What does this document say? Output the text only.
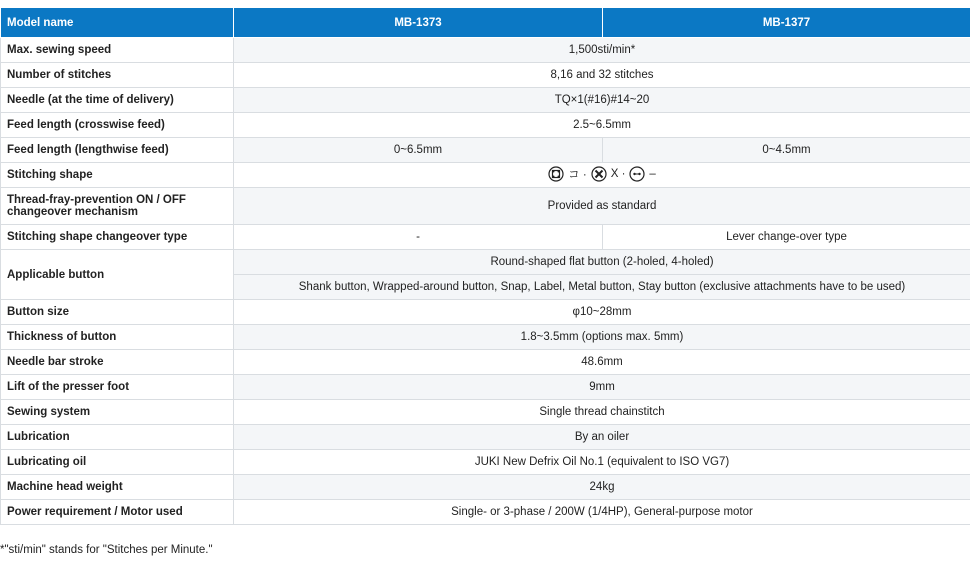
Model name	MB-1373	MB-1377
Max. sewing speed	1,500sti/min*	
Number of stitches	8,16 and 32 stitches	
Needle (at the time of delivery)	TQ×1(#16)#14~20	
Feed length (crosswise feed)	2.5~6.5mm	
Feed length (lengthwise feed)	0~6.5mm	0~4.5mm
Stitching shape	コ · X · –	

Thread-fray-prevention ON / OFF changeover mechanism	Provided as standard	
Stitching shape changeover type	-	Lever change-over type
Applicable button	Round-shaped flat button (2-holed, 4-holed)	
	Shank button, Wrapped-around button, Snap, Label, Metal button, Stay button (exclusive attachments have to be used)	
Button size	φ10~28mm	
Thickness of button	1.8~3.5mm (options max. 5mm)	
Needle bar stroke	48.6mm	
Lift of the presser foot	9mm	
Sewing system	Single thread chainstitch	
Lubrication	By an oiler	
Lubricating oil	JUKI New Defrix Oil No.1 (equivalent to ISO VG7)	
Machine head weight	24kg	
Power requirement / Motor used	Single- or 3-phase / 200W (1/4HP), General-purpose motor	
*"sti/min" stands for "Stitches per Minute."
